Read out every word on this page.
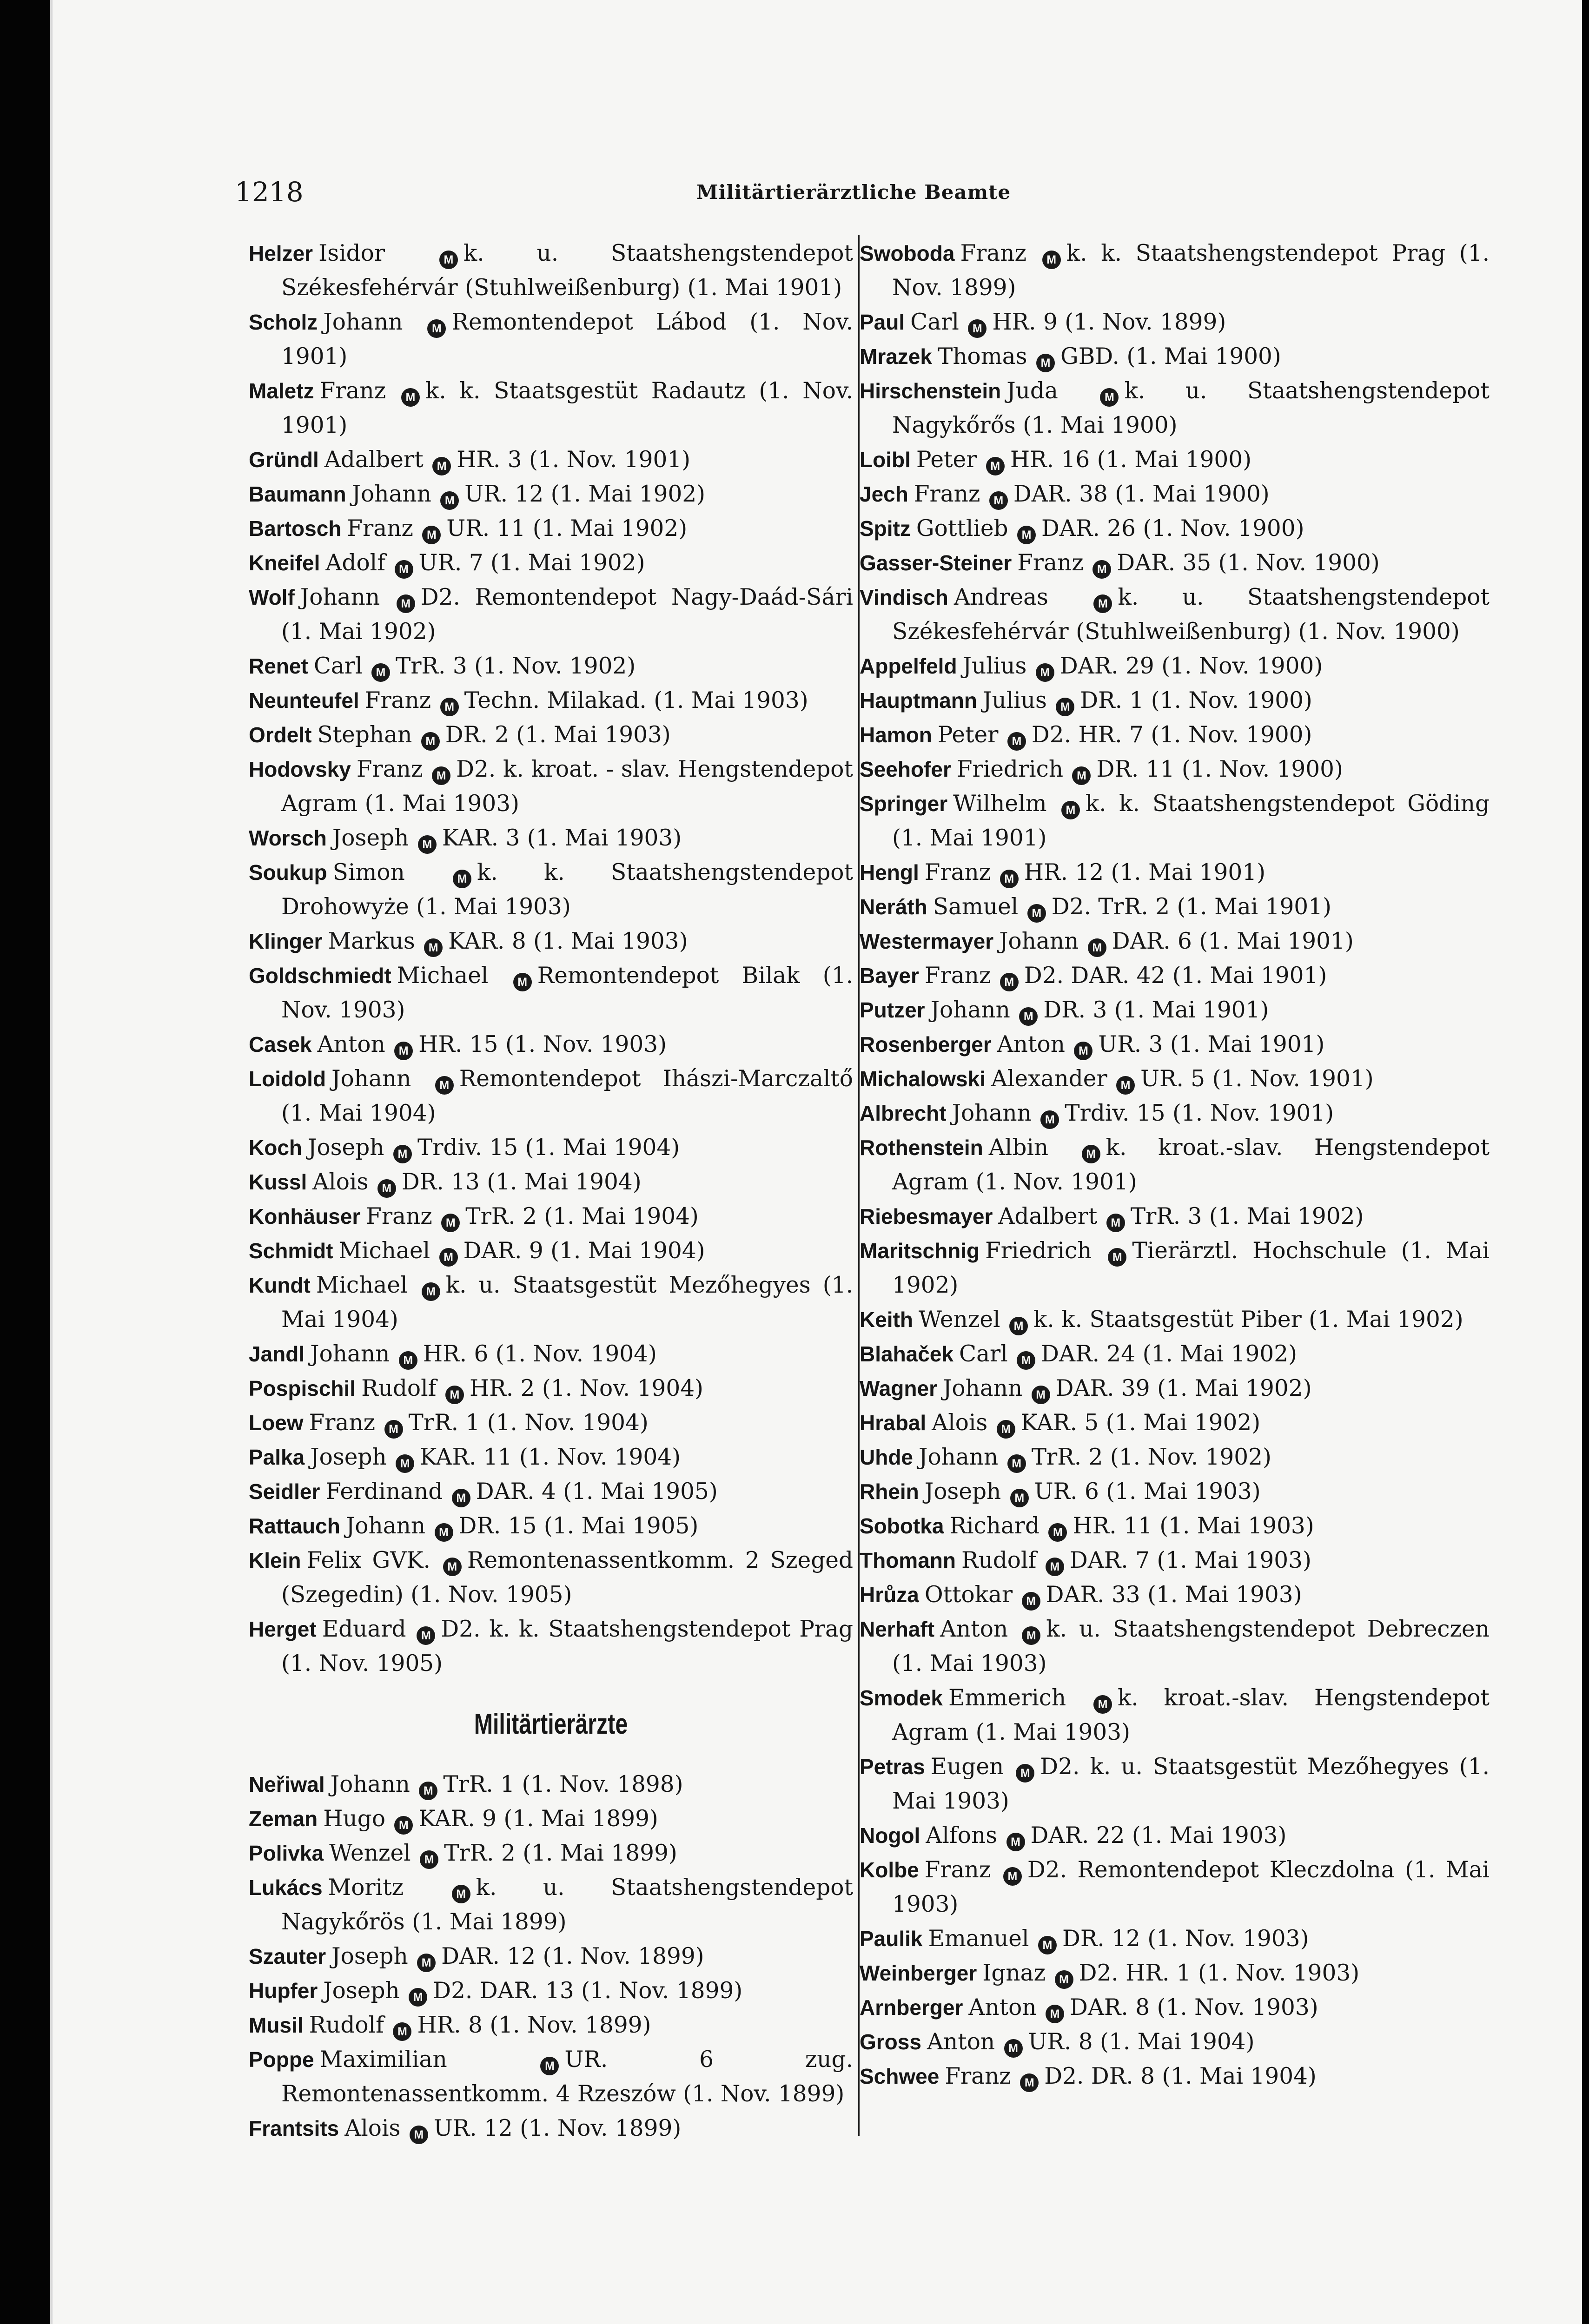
1218	Militärtierärztliche Beamte

Helzer Isidor	M k. u. Staatshengstendepot Székesfehérvár (Stuhlweißenburg) (1. Mai 1901)

Scholz Johann M Remontendepot Lábod (1. Nov. 1901)

Maletz Franz M k. k. Staatsgestüt Radautz (1. Nov. 1901)

Gründl Adalbert M HR. 3 (1. Nov. 1901)

Baumann Johann M UR. 12 (1. Mai 1902)

Bartosch Franz M UR. 11 (1. Mai 1902)

Kneifel Adolf M UR. 7 (1. Mai 1902)

Wolf Johann M D2. Remontendepot Nagy-Daád-Sári (1. Mai 1902)

Renet Carl M TrR. 3 (1. Nov. 1902)

Neunteufel Franz M Techn. Milakad. (1. Mai 1903)

Ordelt Stephan M DR. 2 (1. Mai 1903)

Hodovsky Franz M D2. k. kroat. - slav. Hengstendepot Agram (1. Mai 1903)

Worsch Joseph M KAR. 3 (1. Mai 1903)

Soukup Simon	M k. k. Staatshengstendepot Drohowyże (1. Mai 1903)

Klinger Markus M KAR. 8 (1. Mai 1903)

Goldschmiedt Michael	M Remontendepot Bilak (1. Nov. 1903)

Casek Anton M HR. 15 (1. Nov. 1903)

Loidold Johann M Remontendepot Ihászi-Marczaltő (1. Mai 1904)

Koch Joseph M Trdiv. 15 (1. Mai 1904)

Kussl Alois M DR. 13 (1. Mai 1904)

Konhäuser Franz M TrR. 2 (1. Mai 1904)

Schmidt Michael M DAR. 9 (1. Mai 1904)

Kundt Michael M k. u. Staatsgestüt Mezőhegyes (1. Mai 1904)

Jandl Johann M HR. 6 (1. Nov. 1904)

Pospischil Rudolf M HR. 2 (1. Nov. 1904)

Loew Franz M TrR. 1 (1. Nov. 1904)

Palka Joseph M KAR. 11 (1. Nov. 1904)

Seidler Ferdinand M DAR. 4 (1. Mai 1905)

Rattauch Johann M DR. 15 (1. Mai 1905)

Klein Felix GVK. M Remontenassentkomm. 2 Szeged (Szegedin) (1. Nov. 1905)

Herget Eduard M D2. k. k. Staatshengstendepot Prag (1. Nov. 1905)

Militärtierärzte

Neřiwal Johann M TrR. 1 (1. Nov. 1898)

Zeman Hugo M KAR. 9 (1. Mai 1899)

Polivka Wenzel M TrR. 2 (1. Mai 1899)

Lukács Moritz	M k. u. Staatshengstendepot Nagykőrös (1. Mai 1899)

Szauter Joseph M DAR. 12 (1. Nov. 1899)

Hupfer Joseph M D2. DAR. 13 (1. Nov. 1899)

Musil Rudolf M HR. 8 (1. Nov. 1899)

Poppe Maximilian	M UR. 6 zug. Remontenassentkomm. 4 Rzeszów (1. Nov. 1899)

Frantsits Alois M UR. 12 (1. Nov. 1899)

Swoboda Franz M k. k. Staatshengstendepot Prag (1. Nov. 1899)

Paul Carl M HR. 9 (1. Nov. 1899)

Mrazek Thomas M GBD. (1. Mai 1900)

Hirschenstein Juda	M k. u. Staatshengstendepot Nagykőrős (1. Mai 1900)

Loibl Peter M HR. 16 (1. Mai 1900)

Jech Franz M DAR. 38 (1. Mai 1900)

Spitz Gottlieb M DAR. 26 (1. Nov. 1900)

Gasser-Steiner Franz M DAR. 35 (1. Nov. 1900)

Vindisch Andreas	M k. u. Staatshengstendepot Székesfehérvár (Stuhlweißenburg) (1. Nov. 1900)

Appelfeld Julius M DAR. 29 (1. Nov. 1900)

Hauptmann Julius M DR. 1 (1. Nov. 1900)

Hamon Peter M D2. HR. 7 (1. Nov. 1900)

Seehofer Friedrich M DR. 11 (1. Nov. 1900)

Springer Wilhelm M k. k. Staatshengstendepot Göding (1. Mai 1901)

Hengl Franz M HR. 12 (1. Mai 1901)

Neráth Samuel M D2. TrR. 2 (1. Mai 1901)

Westermayer Johann M DAR. 6 (1. Mai 1901)

Bayer Franz M D2. DAR. 42 (1. Mai 1901)

Putzer Johann M DR. 3 (1. Mai 1901)

Rosenberger Anton M UR. 3 (1. Mai 1901)

Michalowski Alexander M UR. 5 (1. Nov. 1901)

Albrecht Johann M Trdiv. 15 (1. Nov. 1901)

Rothenstein Albin	M k. kroat.-slav. Hengstendepot Agram (1. Nov. 1901)

Riebesmayer Adalbert M TrR. 3 (1. Mai 1902)

Maritschnig Friedrich M Tierärztl. Hochschule (1. Mai 1902)

Keith Wenzel M k. k. Staatsgestüt Piber (1. Mai 1902)

Blahaček Carl M DAR. 24 (1. Mai 1902)

Wagner Johann M DAR. 39 (1. Mai 1902)

Hrabal Alois M KAR. 5 (1. Mai 1902)

Uhde Johann M TrR. 2 (1. Nov. 1902)

Rhein Joseph M UR. 6 (1. Mai 1903)

Sobotka Richard M HR. 11 (1. Mai 1903)

Thomann Rudolf M DAR. 7 (1. Mai 1903)

Hrůza Ottokar M DAR. 33 (1. Mai 1903)

Nerhaft Anton M k. u. Staatshengstendepot Debreczen (1. Mai 1903)

Smodek Emmerich	M k. kroat.-slav. Hengstendepot Agram (1. Mai 1903)

Petras Eugen M D2. k. u. Staatsgestüt Mezőhegyes (1. Mai 1903)

Nogol Alfons M DAR. 22 (1. Mai 1903)

Kolbe Franz M D2. Remontendepot Kleczdolna (1. Mai 1903)

Paulik Emanuel M DR. 12 (1. Nov. 1903)

Weinberger Ignaz M D2. HR. 1 (1. Nov. 1903)

Arnberger Anton M DAR. 8 (1. Nov. 1903)

Gross Anton M UR. 8 (1. Mai 1904)

Schwee Franz M D2. DR. 8 (1. Mai 1904)
